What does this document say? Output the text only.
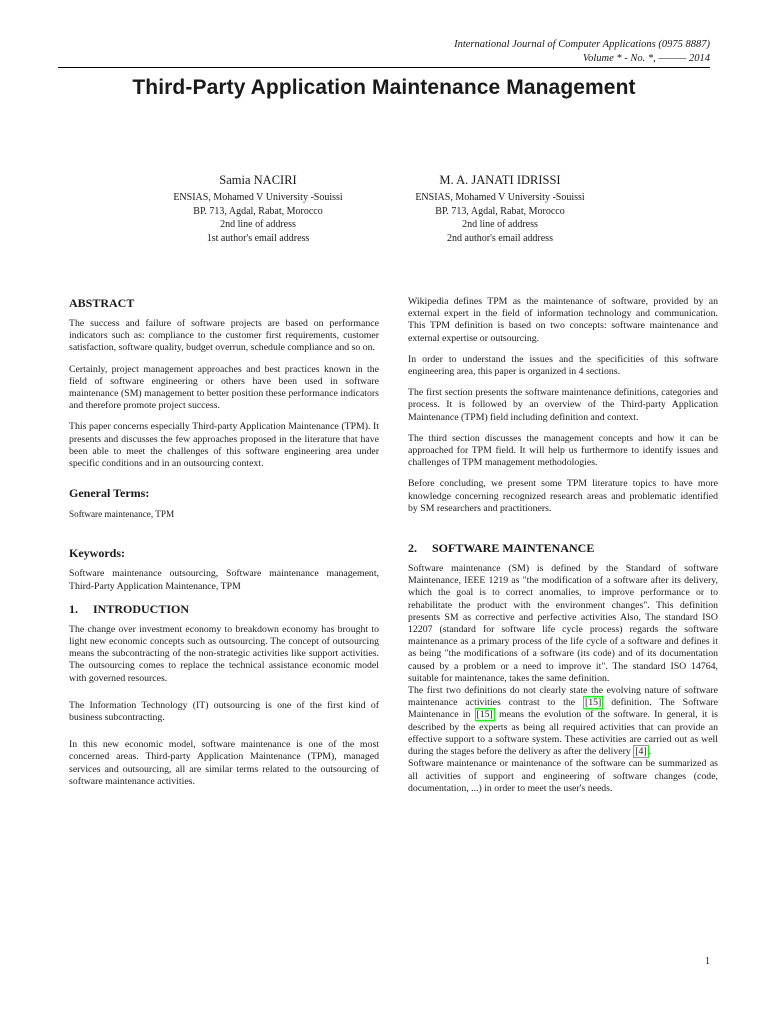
International Journal of Computer Applications (0975 8887)
Volume * - No. *, ——— 2014
Third-Party Application Maintenance Management
Samia NACIRI
ENSIAS, Mohamed V University -Souissi
BP. 713, Agdal, Rabat, Morocco
2nd line of address
1st author's email address
M. A. JANATI IDRISSI
ENSIAS, Mohamed V University -Souissi
BP. 713, Agdal, Rabat, Morocco
2nd line of address
2nd author's email address
ABSTRACT

The success and failure of software projects are based on performance indicators such as: compliance to the customer first requirements, customer satisfaction, software quality, budget overrun, schedule compliance and so on.

Certainly, project management approaches and best practices known in the field of software engineering or others have been used in software maintenance (SM) management to better position these performance indicators and therefore promote project success.

This paper concerns especially Third-party Application Maintenance (TPM). It presents and discusses the few approaches proposed in the literature that have been able to meet the challenges of this software engineering area under specific conditions and in an outsourcing context.

General Terms:

Software maintenance, TPM

Keywords:

Software maintenance outsourcing, Software maintenance management, Third-Party Application Maintenance, TPM

1. INTRODUCTION

The change over investment economy to breakdown economy has brought to light new economic concepts such as outsourcing. The concept of outsourcing means the subcontracting of the non-strategic activities like support activities. The outsourcing comes to replace the technical assistance economic model with governed resources.

The Information Technology (IT) outsourcing is one of the first kind of business subcontracting.

In this new economic model, software maintenance is one of the most concerned areas. Third-party Application Maintenance (TPM), managed services and outsourcing, all are similar terms related to the outsourcing of software maintenance activities.

Wikipedia defines TPM as the maintenance of software, provided by an external expert in the field of information technology and communication. This TPM definition is based on two concepts: software maintenance and external expertise or outsourcing.

In order to understand the issues and the specificities of this software engineering area, this paper is organized in 4 sections.

The first section presents the software maintenance definitions, categories and process. It is followed by an overview of the Third-party Application Maintenance (TPM) field including definition and context.

The third section discusses the management concepts and how it can be approached for TPM field. It will help us furthermore to identify issues and challenges of TPM management methodologies.

Before concluding, we present some TPM literature topics to have more knowledge concerning recognized research areas and problematic identified by SM researchers and practitioners.

2. SOFTWARE MAINTENANCE

Software maintenance (SM) is defined by the Standard of software Maintenance, IEEE 1219 as "the modification of a software after its delivery, which the goal is to correct anomalies, to improve performance or to rehabilitate the product with the environment changes". This definition presents SM as corrective and perfective activities Also, The standard ISO 12207 (standard for software life cycle process) regards the software maintenance as a primary process of the life cycle of a software and defines it as being "the modifications of a software (its code) and of its documentation caused by a problem or a need to improve it". The standard ISO 14764, suitable for maintenance, takes the same definition.

The first two definitions do not clearly state the evolving nature of software maintenance activities contrast to the [15] definition. The Software Maintenance in [15] means the evolution of the software. In general, it is described by the experts as being all required activities that can provide an effective support to a software system. These activities are carried out as well during the stages before the delivery as after the delivery [4] .

Software maintenance or maintenance of the software can be summarized as all activities of support and engineering of software changes (code, documentation, ...) in order to meet the user's needs.

1
